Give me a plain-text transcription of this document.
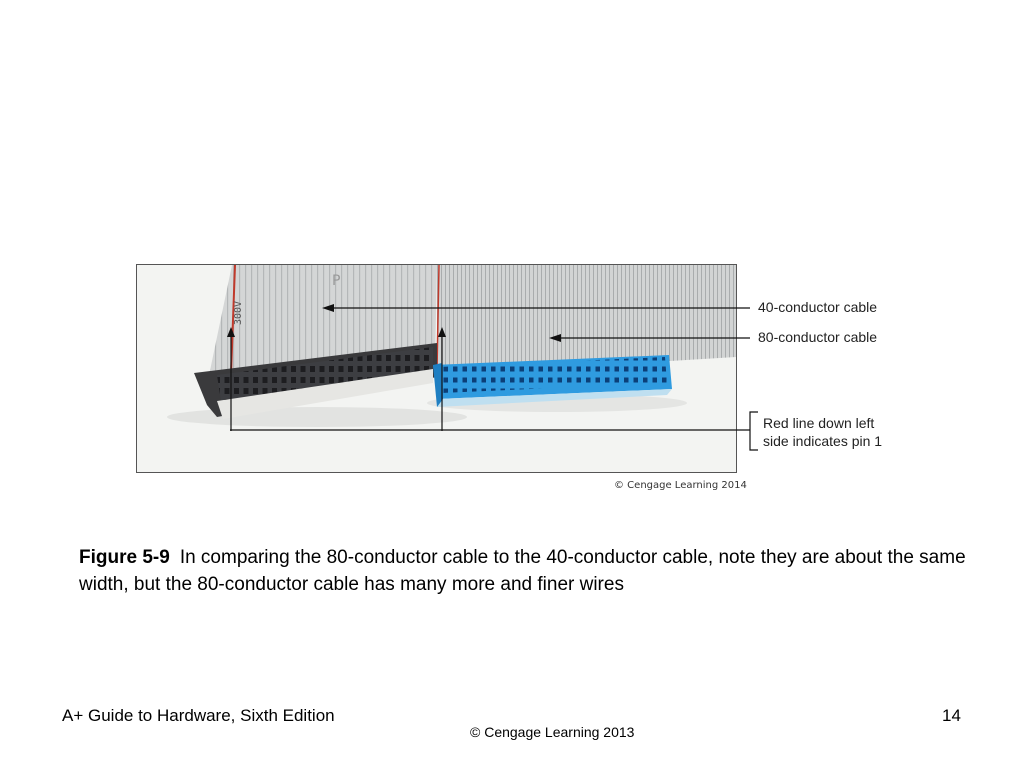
300V
P
40-conductor cable
80-conductor cable
Red line down left
side indicates pin 1
© Cengage Learning 2014
Figure 5-9 In comparing the 80-conductor cable to the 40-conductor cable, note they are about the same width, but the 80-conductor cable has many more and finer wires
A+ Guide to Hardware, Sixth Edition	14
© Cengage Learning 2013
